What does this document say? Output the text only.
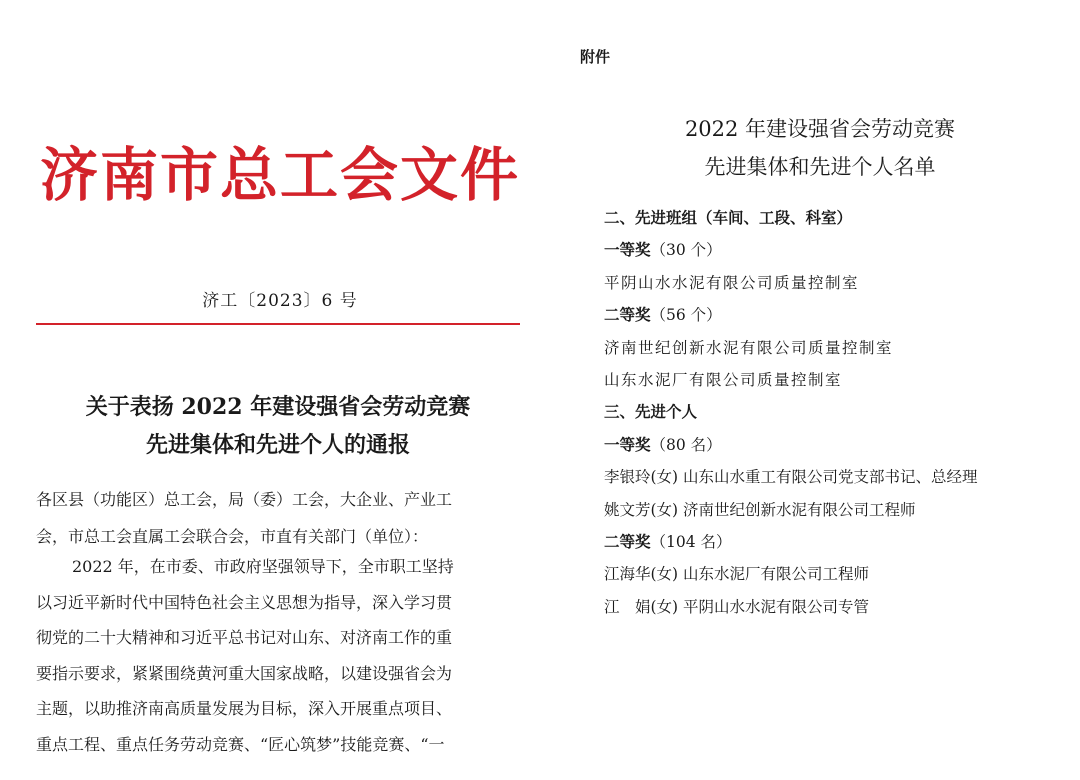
济南市总工会文件
济工〔2023〕6 号
关于表扬 2022 年建设强省会劳动竞赛
先进集体和先进个人的通报
各区县（功能区）总工会，局（委）工会，大企业、产业工
会，市总工会直属工会联合会，市直有关部门（单位）：
2022 年，在市委、市政府坚强领导下，全市职工坚持
以习近平新时代中国特色社会主义思想为指导，深入学习贯
彻党的二十大精神和习近平总书记对山东、对济南工作的重
要指示要求，紧紧围绕黄河重大国家战略，以建设强省会为
主题，以助推济南高质量发展为目标，深入开展重点项目、
重点工程、重点任务劳动竞赛、“匠心筑梦”技能竞赛、“一
附件
2022 年建设强省会劳动竞赛
先进集体和先进个人名单
二、先进班组（车间、工段、科室）
一等奖（30 个）
平阴山水水泥有限公司质量控制室
二等奖（56 个）
济南世纪创新水泥有限公司质量控制室
山东水泥厂有限公司质量控制室
三、先进个人
一等奖（80 名）
李银玲(女) 山东山水重工有限公司党支部书记、总经理
姚文芳(女) 济南世纪创新水泥有限公司工程师
二等奖（104 名）
江海华(女) 山东水泥厂有限公司工程师
江　娟(女) 平阴山水水泥有限公司专管
